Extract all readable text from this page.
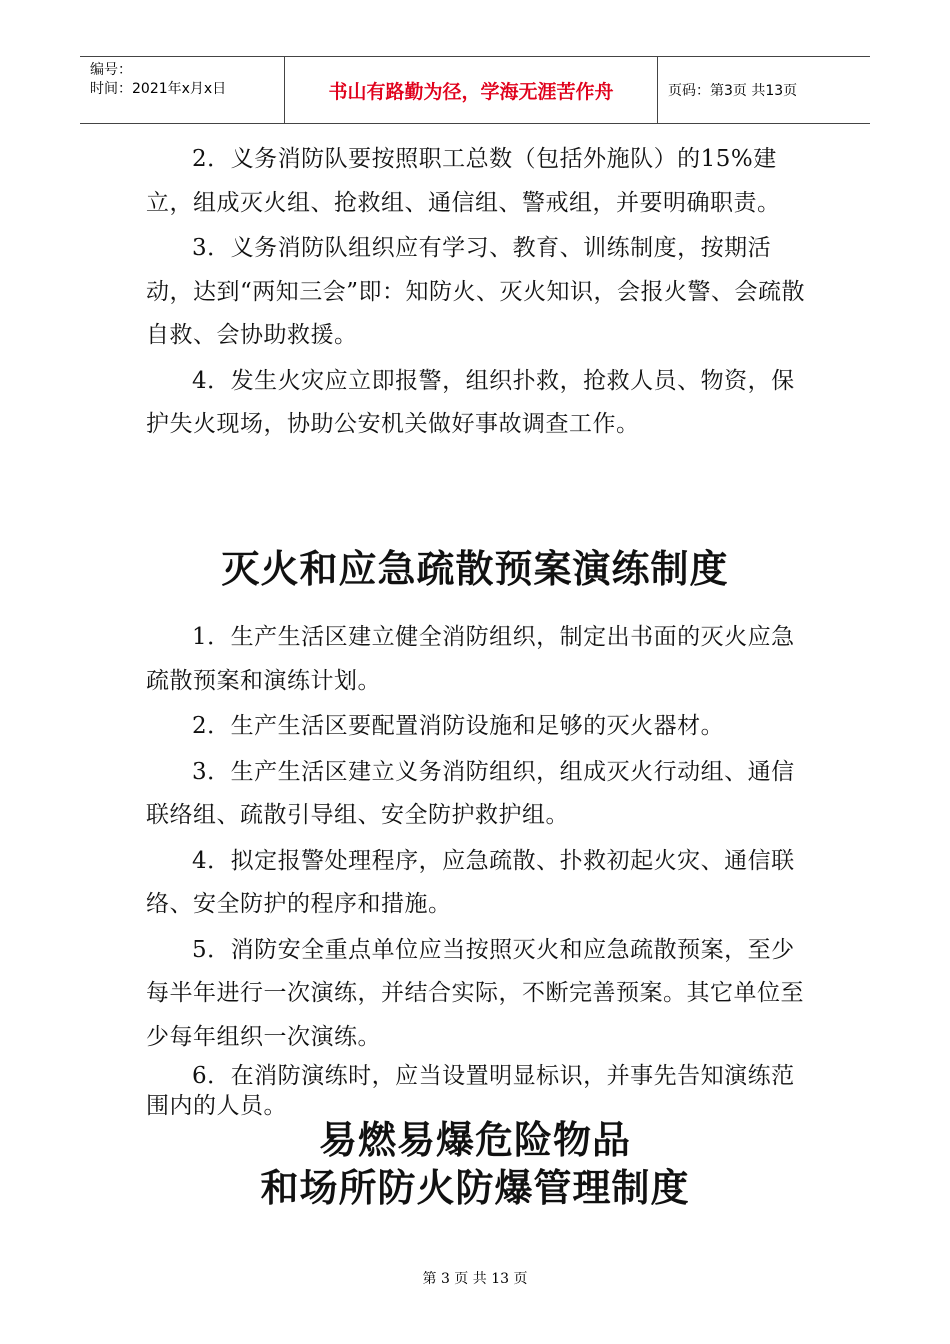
编号：
时间：2021年x月x日	书山有路勤为径，学海无涯苦作舟	页码：第3页 共13页

2．义务消防队要按照职工总数（包括外施队）的15%建立，组成灭火组、抢救组、通信组、警戒组，并要明确职责。

3．义务消防队组织应有学习、教育、训练制度，按期活动，达到“两知三会”即：知防火、灭火知识，会报火警、会疏散自救、会协助救援。

4．发生火灾应立即报警，组织扑救，抢救人员、物资，保护失火现场，协助公安机关做好事故调查工作。

灭火和应急疏散预案演练制度

1．生产生活区建立健全消防组织，制定出书面的灭火应急疏散预案和演练计划。

2．生产生活区要配置消防设施和足够的灭火器材。

3．生产生活区建立义务消防组织，组成灭火行动组、通信联络组、疏散引导组、安全防护救护组。

4．拟定报警处理程序，应急疏散、扑救初起火灾、通信联络、安全防护的程序和措施。

5．消防安全重点单位应当按照灭火和应急疏散预案，至少每半年进行一次演练，并结合实际，不断完善预案。其它单位至少每年组织一次演练。

6．在消防演练时，应当设置明显标识，并事先告知演练范围内的人员。

易燃易爆危险物品
和场所防火防爆管理制度
第 3 页 共 13 页
